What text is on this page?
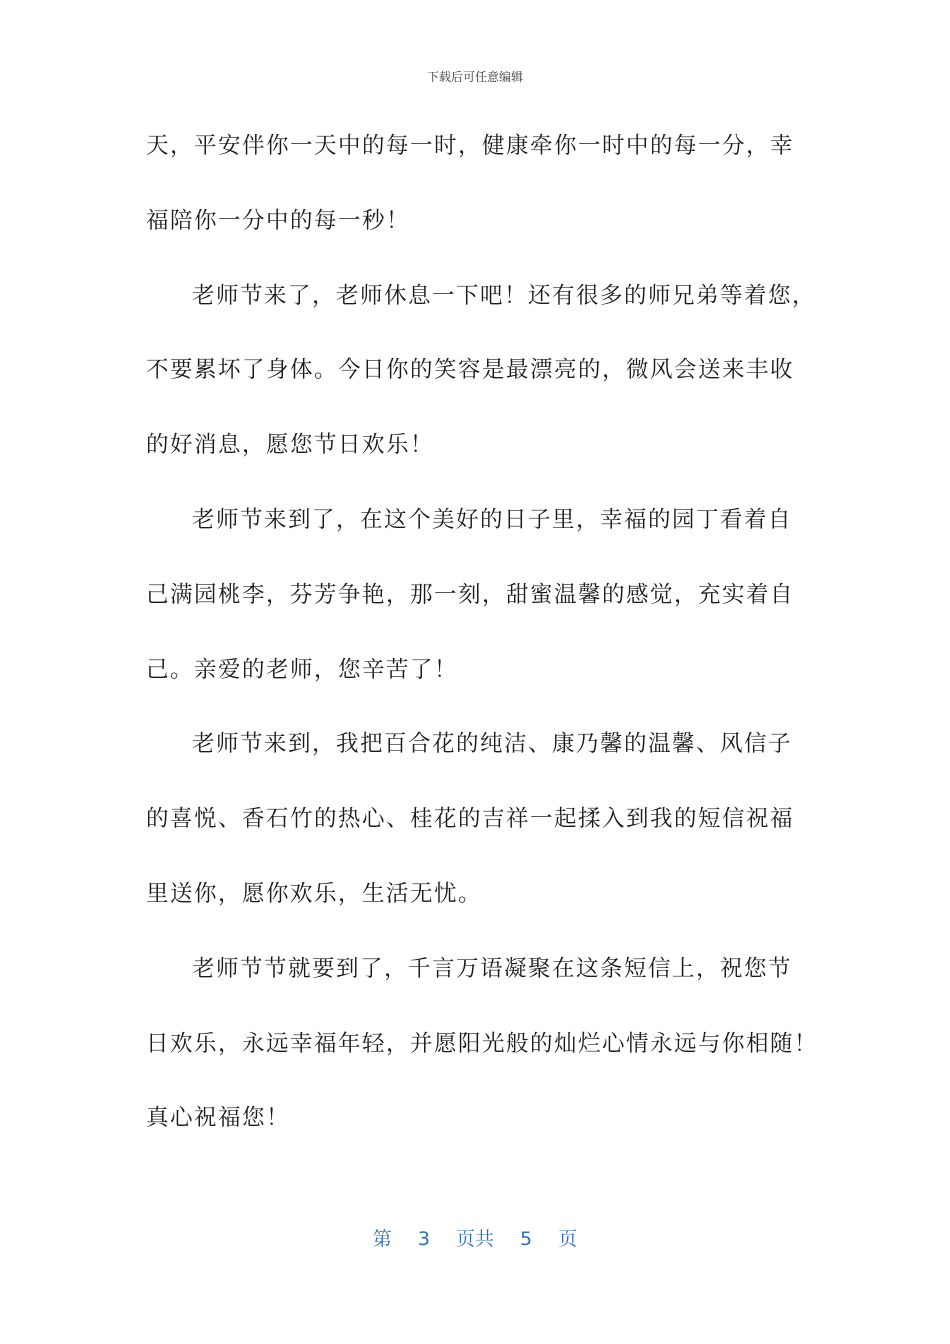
下载后可任意编辑
天，平安伴你一天中的每一时，健康牵你一时中的每一分，幸
福陪你一分中的每一秒！
老师节来了，老师休息一下吧！还有很多的师兄弟等着您，
不要累坏了身体。今日你的笑容是最漂亮的，微风会送来丰收
的好消息，愿您节日欢乐！
老师节来到了，在这个美好的日子里，幸福的园丁看着自
己满园桃李，芬芳争艳，那一刻，甜蜜温馨的感觉，充实着自
己。亲爱的老师，您辛苦了！
老师节来到，我把百合花的纯洁、康乃馨的温馨、风信子
的喜悦、香石竹的热心、桂花的吉祥一起揉入到我的短信祝福
里送你，愿你欢乐，生活无忧。
老师节节就要到了，千言万语凝聚在这条短信上，祝您节
日欢乐，永远幸福年轻，并愿阳光般的灿烂心情永远与你相随！
真心祝福您！
第 3 页共 5 页
